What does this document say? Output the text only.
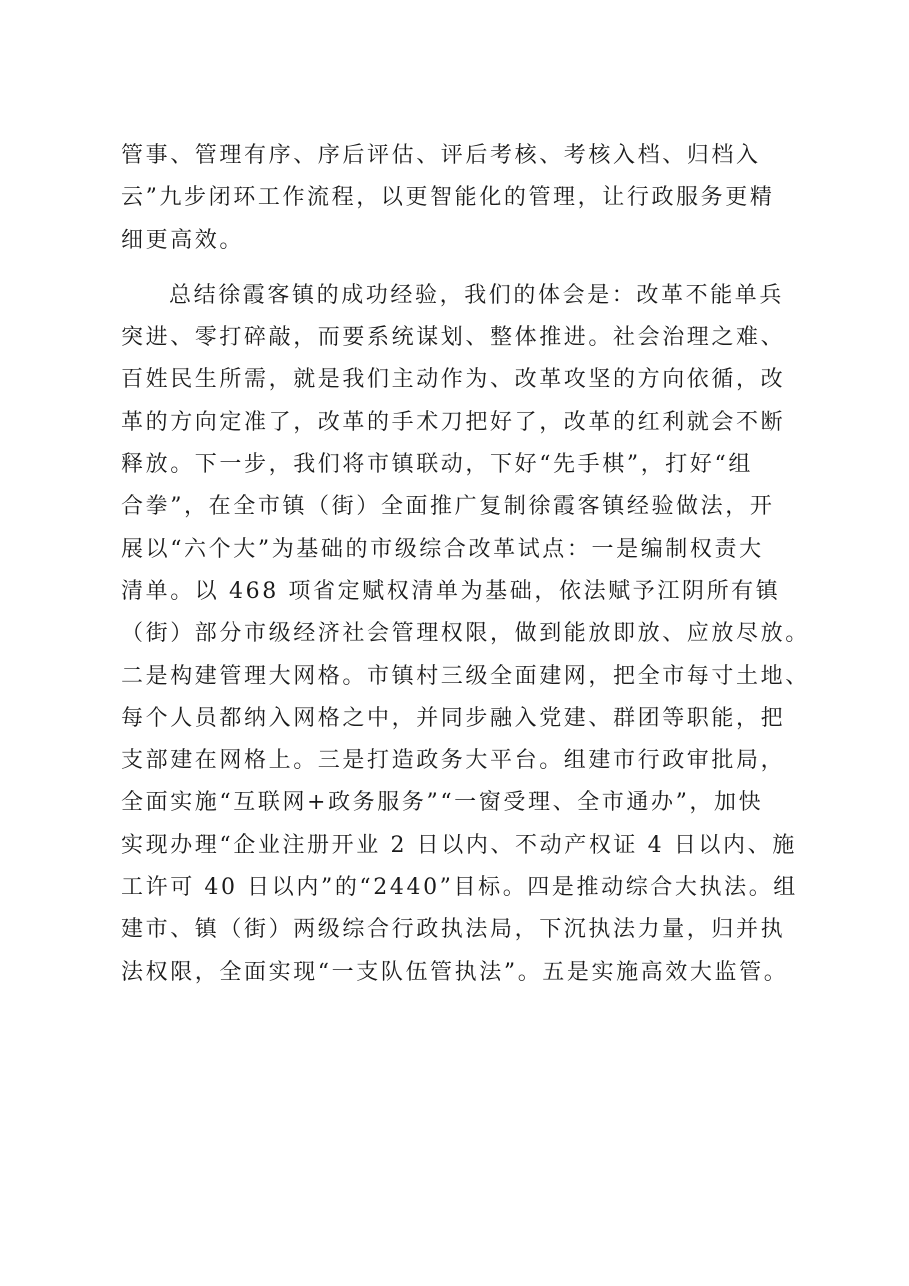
管事、管理有序、序后评估、评后考核、考核入档、归档入
云”九步闭环工作流程，以更智能化的管理，让行政服务更精
细更高效。
总结徐霞客镇的成功经验，我们的体会是：改革不能单兵
突进、零打碎敲，而要系统谋划、整体推进。社会治理之难、
百姓民生所需，就是我们主动作为、改革攻坚的方向依循，改
革的方向定准了，改革的手术刀把好了，改革的红利就会不断
释放。下一步，我们将市镇联动，下好“先手棋”，打好“组
合拳”，在全市镇（街）全面推广复制徐霞客镇经验做法，开
展以“六个大”为基础的市级综合改革试点：一是编制权责大
清单。以 468 项省定赋权清单为基础，依法赋予江阴所有镇
（街）部分市级经济社会管理权限，做到能放即放、应放尽放。
二是构建管理大网格。市镇村三级全面建网，把全市每寸土地、
每个人员都纳入网格之中，并同步融入党建、群团等职能，把
支部建在网格上。三是打造政务大平台。组建市行政审批局，
全面实施“互联网+政务服务”“一窗受理、全市通办”，加快
实现办理“企业注册开业 2 日以内、不动产权证 4 日以内、施
工许可 40 日以内”的“2440”目标。四是推动综合大执法。组
建市、镇（街）两级综合行政执法局，下沉执法力量，归并执
法权限，全面实现“一支队伍管执法”。五是实施高效大监管。
